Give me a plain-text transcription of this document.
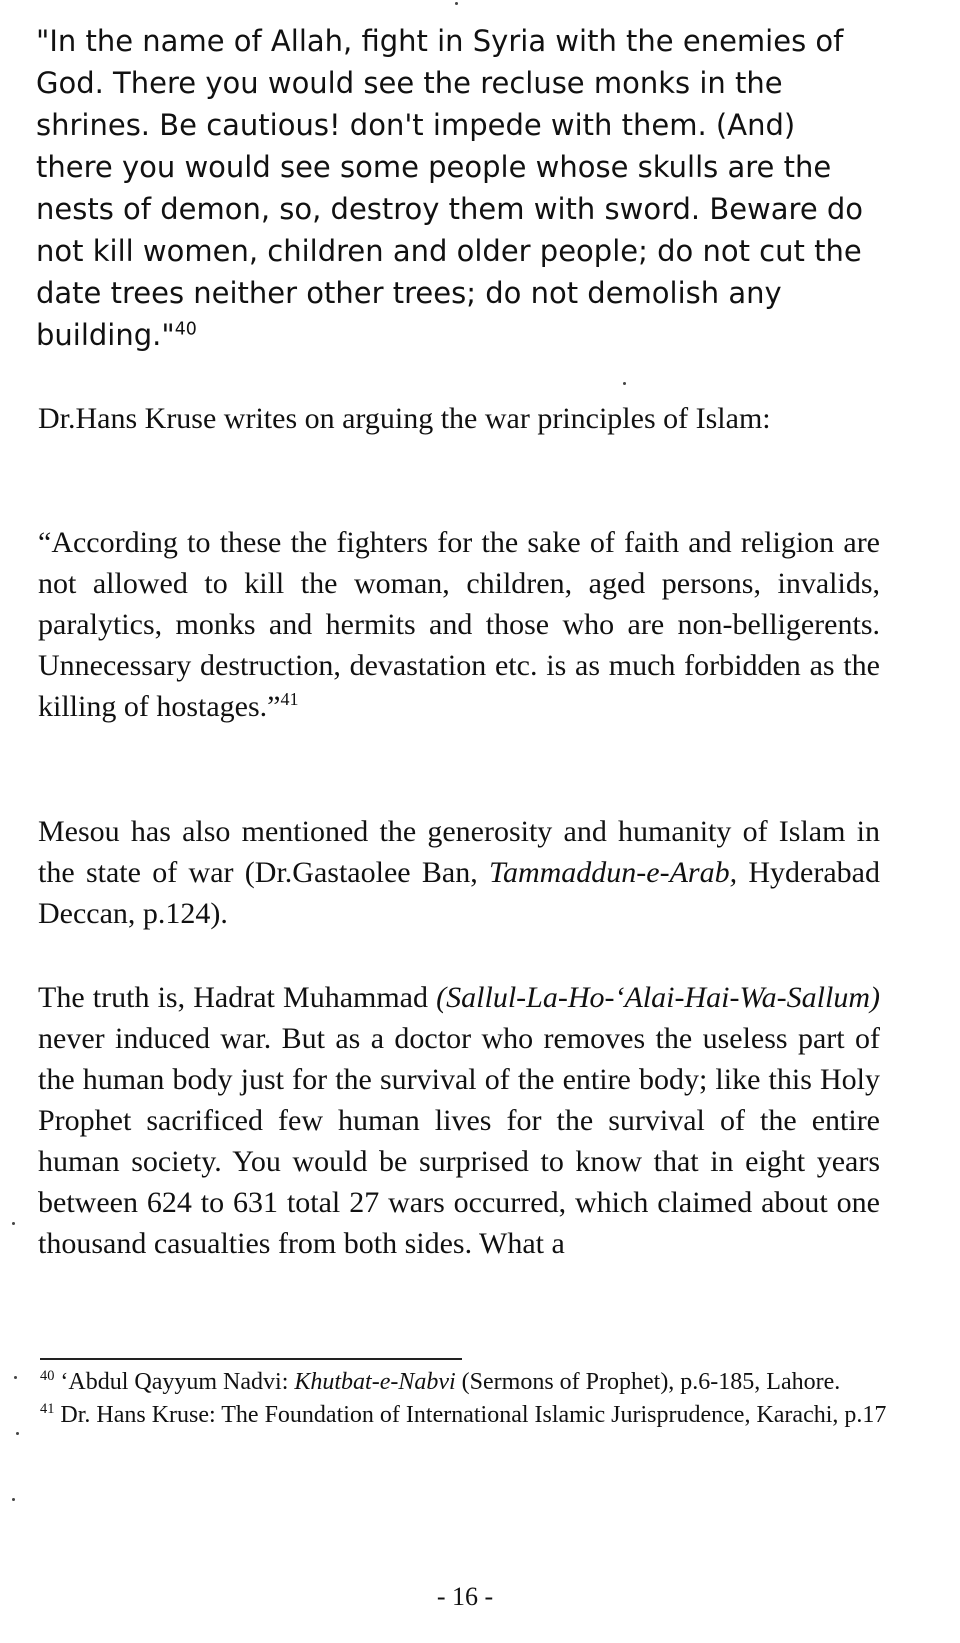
"In the name of Allah, fight in Syria with the enemies of God. There you would see the recluse monks in the shrines. Be cautious! don't impede with them. (And) there you would see some people whose skulls are the nests of demon, so, destroy them with sword. Beware do not kill women, children and older people; do not cut the date trees neither other trees; do not demolish any building."$^{40}$

Dr.Hans Kruse writes on arguing the war principles of Islam:

“According to these the fighters for the sake of faith and religion are not allowed to kill the woman, children, aged persons, invalids, paralytics, monks and hermits and those who are non-belligerents. Unnecessary destruction, devastation etc. is as much forbidden as the killing of hostages.”$^{41}$

Mesou has also mentioned the generosity and humanity of Islam in the state of war (Dr.Gastaolee Ban, Tammaddun-e-Arab, Hyderabad Deccan, p.124).

The truth is, Hadrat Muhammad (Sallul-La-Ho-‘Alai-Hai-Wa-Sallum) never induced war. But as a doctor who removes the useless part of the human body just for the survival of the entire body; like this Holy Prophet sacrificed few human lives for the survival of the entire human society. You would be surprised to know that in eight years between 624 to 631 total 27 wars occurred, which claimed about one thousand casualties from both sides. What a

$^{40}$ ‘Abdul Qayyum Nadvi: Khutbat-e-Nabvi (Sermons of Prophet), p.6-185, Lahore.

$^{41}$ Dr. Hans Kruse: The Foundation of International Islamic Jurisprudence, Karachi, p.17

- 16 -
